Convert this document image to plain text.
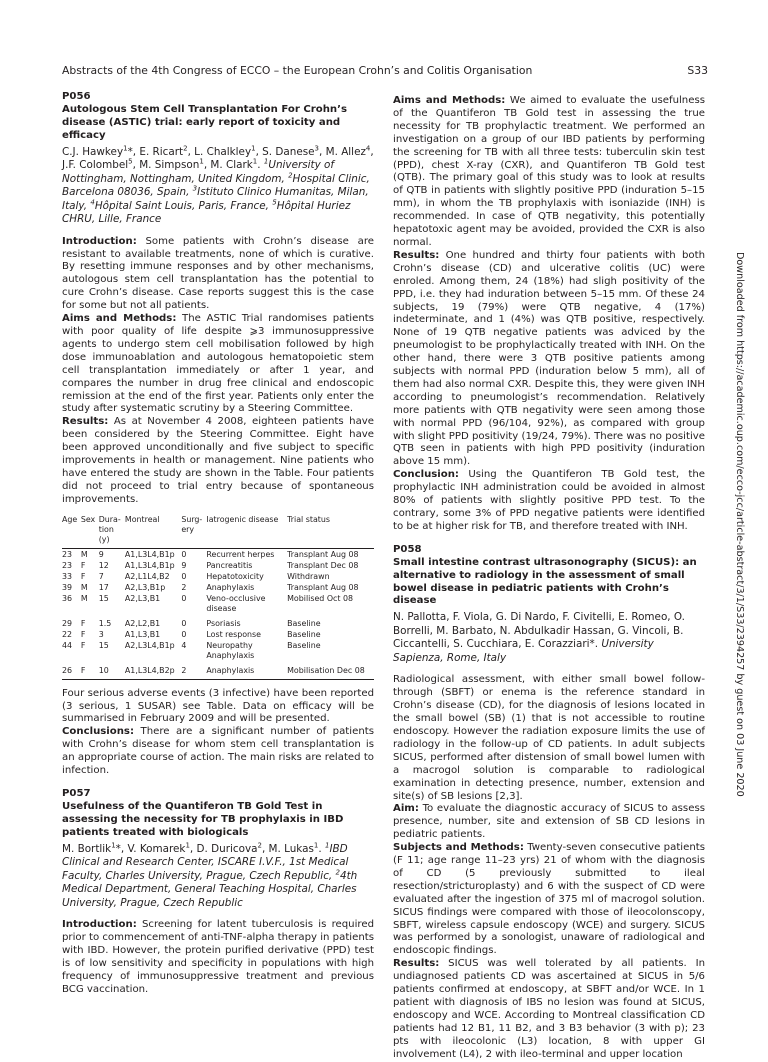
Abstracts of the 4th Congress of ECCO – the European Crohn’s and Colitis Organisation	S33
Downloaded from https://academic.oup.com/ecco-jcc/article-abstract/3/1/S33/2394257 by guest on 03 June 2020
P056
Autologous Stem Cell Transplantation For Crohn’s disease (ASTIC) trial: early report of toxicity and efficacy
C.J. Hawkey$^1$*, E. Ricart$^2$, L. Chalkley$^1$, S. Danese$^3$, M. Allez$^4$, J.F. Colombel$^5$, M. Simpson$^1$, M. Clark$^1$. $^1$University of Nottingham, Nottingham, United Kingdom, $^2$Hospital Clinic, Barcelona 08036, Spain, $^3$Istituto Clinico Humanitas, Milan, Italy, $^4$Hôpital Saint Louis, Paris, France, $^5$Hôpital Huriez CHRU, Lille, France

Introduction: Some patients with Crohn’s disease are resistant to available treatments, none of which is curative. By resetting immune responses and by other mechanisms, autologous stem cell transplantation has the potential to cure Crohn’s disease. Case reports suggest this is the case for some but not all patients.

Aims and Methods: The ASTIC Trial randomises patients with poor quality of life despite ⩾3 immunosuppressive agents to undergo stem cell mobilisation followed by high dose immunoablation and autologous hematopoietic stem cell transplantation immediately or after 1 year, and compares the number in drug free clinical and endoscopic remission at the end of the first year. Patients only enter the study after systematic scrutiny by a Steering Committee.

Results: As at November 4 2008, eighteen patients have been considered by the Steering Committee. Eight have been approved unconditionally and five subject to specific improvements in health or management. Nine patients who have entered the study are shown in the Table. Four patients did not proceed to trial entry because of spontaneous improvements.

Age	Sex	Dura-
tion
(y)	Montreal	Surg-
ery	Iatrogenic disease	Trial status
23	M	9	A1,L3L4,B1p	0	Recurrent herpes	Transplant Aug 08
23	F	12	A1,L3L4,B1p	9	Pancreatitis	Transplant Dec 08
33	F	7	A2,L1L4,B2	0	Hepatotoxicity	Withdrawn
39	M	17	A2,L3,B1p	2	Anaphylaxis	Transplant Aug 08
36	M	15	A2,L3,B1	0	Veno-occlusive
disease	Mobilised Oct 08
29	F	1.5	A2,L2,B1	0	Psoriasis	Baseline
22	F	3	A1,L3,B1	0	Lost response	Baseline
44	F	15	A2,L3L4,B1p	4	Neuropathy
Anaphylaxis	Baseline
26	F	10	A1,L3L4,B2p	2	Anaphylaxis	Mobilisation Dec 08

Four serious adverse events (3 infective) have been reported (3 serious, 1 SUSAR) see Table. Data on efficacy will be summarised in February 2009 and will be presented.

Conclusions: There are a significant number of patients with Crohn’s disease for whom stem cell transplantation is an appropriate course of action. The main risks are related to infection.

P057
Usefulness of the Quantiferon TB Gold Test in assessing the necessity for TB prophylaxis in IBD patients treated with biologicals
M. Bortlik$^1$*, V. Komarek$^1$, D. Duricova$^2$, M. Lukas$^1$. $^1$IBD Clinical and Research Center, ISCARE I.V.F., 1st Medical Faculty, Charles University, Prague, Czech Republic, $^2$4th Medical Department, General Teaching Hospital, Charles University, Prague, Czech Republic

Introduction: Screening for latent tuberculosis is required prior to commencement of anti-TNF-alpha therapy in patients with IBD. However, the protein purified derivative (PPD) test is of low sensitivity and specificity in populations with high frequency of immunosuppressive treatment and previous BCG vaccination.

Aims and Methods: We aimed to evaluate the usefulness of the Quantiferon TB Gold test in assessing the true necessity for TB prophylactic treatment. We performed an investigation on a group of our IBD patients by performing the screening for TB with all three tests: tuberculin skin test (PPD), chest X-ray (CXR), and Quantiferon TB Gold test (QTB). The primary goal of this study was to look at results of QTB in patients with slightly positive PPD (induration 5–15 mm), in whom the TB prophylaxis with isoniazide (INH) is recommended. In case of QTB negativity, this potentially hepatotoxic agent may be avoided, provided the CXR is also normal.

Results: One hundred and thirty four patients with both Crohn’s disease (CD) and ulcerative colitis (UC) were enroled. Among them, 24 (18%) had sligh positivity of the PPD, i.e. they had induration between 5–15 mm. Of these 24 subjects, 19 (79%) were QTB negative, 4 (17%) indeterminate, and 1 (4%) was QTB positive, respectively. None of 19 QTB negative patients was adviced by the pneumologist to be prophylactically treated with INH. On the other hand, there were 3 QTB positive patients among subjects with normal PPD (induration below 5 mm), all of them had also normal CXR. Despite this, they were given INH according to pneumologist’s recommendation. Relatively more patients with QTB negativity were seen among those with normal PPD (96/104, 92%), as compared with group with slight PPD positivity (19/24, 79%). There was no positive QTB seen in patients with high PPD positivity (induration above 15 mm).

Conclusion: Using the Quantiferon TB Gold test, the prophylactic INH administration could be avoided in almost 80% of patients with slightly positive PPD test. To the contrary, some 3% of PPD negative patients were identified to be at higher risk for TB, and therefore treated with INH.

P058
Small intestine contrast ultrasonography (SICUS): an alternative to radiology in the assessment of small bowel disease in pediatric patients with Crohn’s disease
N. Pallotta, F. Viola, G. Di Nardo, F. Civitelli, E. Romeo, O. Borrelli, M. Barbato, N. Abdulkadir Hassan, G. Vincoli, B. Ciccantelli, S. Cucchiara, E. Corazziari*. University Sapienza, Rome, Italy

Radiological assessment, with either small bowel follow-through (SBFT) or enema is the reference standard in Crohn’s disease (CD), for the diagnosis of lesions located in the small bowel (SB) (1) that is not accessible to routine endoscopy. However the radiation exposure limits the use of radiology in the follow-up of CD patients. In adult subjects SICUS, performed after distension of small bowel lumen with a macrogol solution is comparable to radiological examination in detecting presence, number, extension and site(s) of SB lesions [2,3].

Aim: To evaluate the diagnostic accuracy of SICUS to assess presence, number, site and extension of SB CD lesions in pediatric patients.

Subjects and Methods: Twenty-seven consecutive patients (F 11; age range 11–23 yrs) 21 of whom with the diagnosis of CD (5 previously submitted to ileal resection/stricturoplasty) and 6 with the suspect of CD were evaluated after the ingestion of 375 ml of macrogol solution. SICUS findings were compared with those of ileocolonscopy, SBFT, wireless capsule endoscopy (WCE) and surgery. SICUS was performed by a sonologist, unaware of radiological and endoscopic findings.

Results: SICUS was well tolerated by all patients. In undiagnosed patients CD was ascertained at SICUS in 5/6 patients confirmed at endoscopy, at SBFT and/or WCE. In 1 patient with diagnosis of IBS no lesion was found at SICUS, endoscopy and WCE. According to Montreal classification CD patients had 12 B1, 11 B2, and 3 B3 behavior (3 with p); 23 pts with ileocolonic (L3) location, 8 with upper GI involvement (L4), 2 with ileo-terminal and upper location
